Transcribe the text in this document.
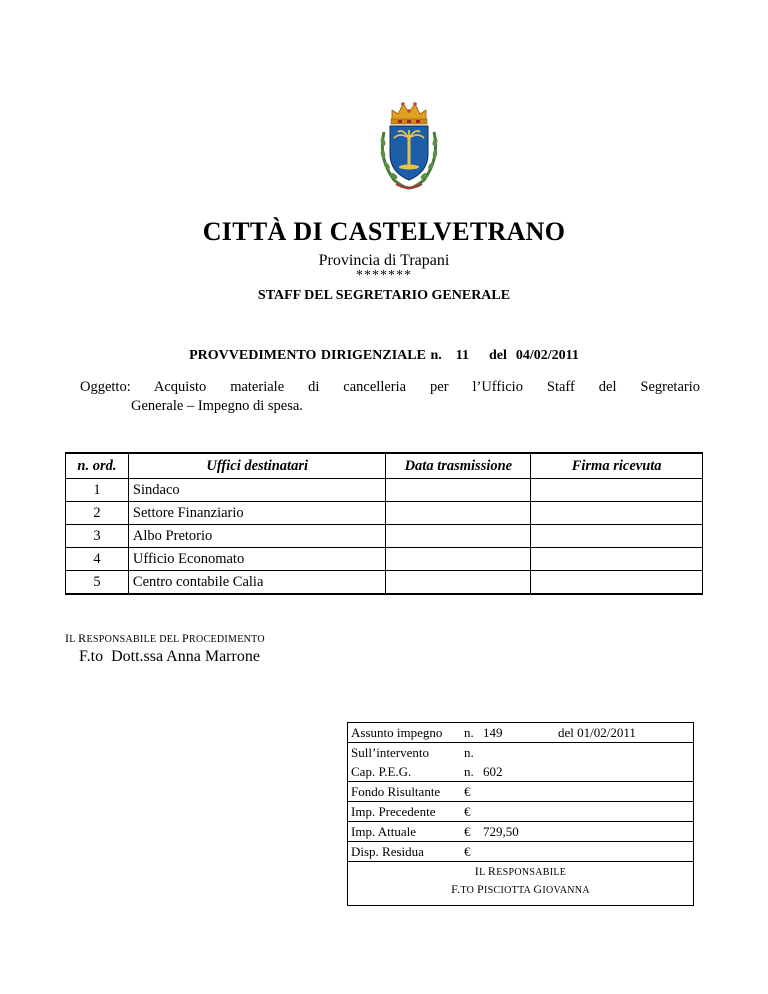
CITTÀ DI CASTELVETRANO
Provincia di Trapani
*******
STAFF DEL SEGRETARIO GENERALE
PROVVEDIMENTO DIRIGENZIALE n. 11 del 04/02/2011
Oggetto: Acquisto materiale di cancelleria per l’Ufficio Staff del Segretario
Generale – Impegno di spesa.
n. ord.	Uffici destinatari	Data trasmissione	Firma ricevuta
1	Sindaco		
2	Settore Finanziario		
3	Albo Pretorio		
4	Ufficio Economato		
5	Centro contabile Calia		
IL RESPONSABILE DEL PROCEDIMENTO
F.to Dott.ssa Anna Marrone
Assunto impegno n. 149	del 01/02/2011
Sull’intervento	n.
Cap. P.E.G.	n. 602
Fondo Risultante €
Imp. Precedente €
Imp. Attuale	€ 729,50
Disp. Residua	€
IL RESPONSABILE
F.TO PISCIOTTA GIOVANNA
